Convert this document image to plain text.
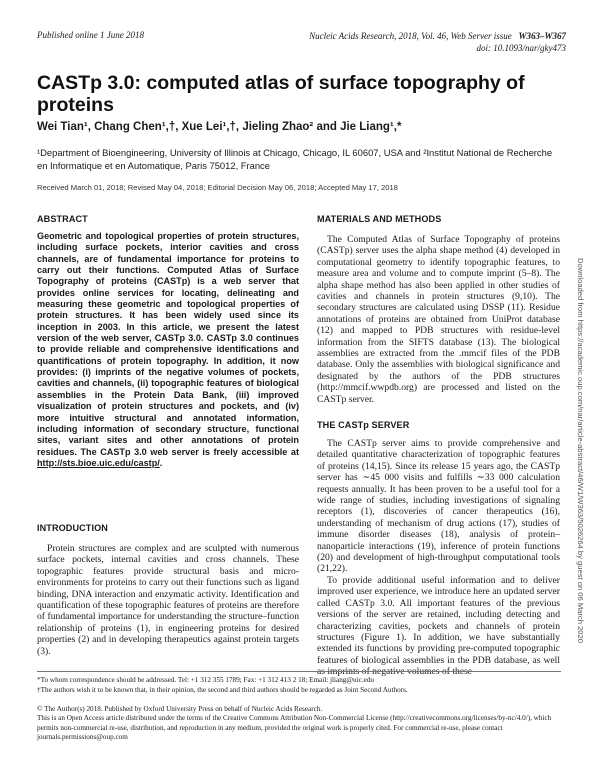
Published online 1 June 2018	Nucleic Acids Research, 2018, Vol. 46, Web Server issue W363–W367
doi: 10.1093/nar/gky473
CASTp 3.0: computed atlas of surface topography of proteins
Wei Tian¹, Chang Chen¹,†, Xue Lei¹,†, Jieling Zhao² and Jie Liang¹,*
¹Department of Bioengineering, University of Illinois at Chicago, Chicago, IL 60607, USA and ²Institut National de Recherche en Informatique et en Automatique, Paris 75012, France
Received March 01, 2018; Revised May 04, 2018; Editorial Decision May 06, 2018; Accepted May 17, 2018
ABSTRACT
Geometric and topological properties of protein structures, including surface pockets, interior cavities and cross channels, are of fundamental importance for proteins to carry out their functions. Computed Atlas of Surface Topography of proteins (CASTp) is a web server that provides online services for locating, delineating and measuring these geometric and topological properties of protein structures. It has been widely used since its inception in 2003. In this article, we present the latest version of the web server, CASTp 3.0. CASTp 3.0 continues to provide reliable and comprehensive identifications and quantifications of protein topography. In addition, it now provides: (i) imprints of the negative volumes of pockets, cavities and channels, (ii) topographic features of biological assemblies in the Protein Data Bank, (iii) improved visualization of protein structures and pockets, and (iv) more intuitive structural and annotated information, including information of secondary structure, functional sites, variant sites and other annotations of protein residues. The CASTp 3.0 web server is freely accessible at http://sts.bioe.uic.edu/castp/.
INTRODUCTION

Protein structures are complex and are sculpted with numerous surface pockets, internal cavities and cross channels. These topographic features provide structural basis and micro-environments for proteins to carry out their functions such as ligand binding, DNA interaction and enzymatic activity. Identification and quantification of these topographic features of proteins are therefore of fundamental importance for understanding the structure–function relationship of proteins (1), in engineering proteins for desired properties (2) and in developing therapeutics against protein targets (3).

MATERIALS AND METHODS

The Computed Atlas of Surface Topography of proteins (CASTp) server uses the alpha shape method (4) developed in computational geometry to identify topographic features, to measure area and volume and to compute imprint (5–8). The alpha shape method has also been applied in other studies of cavities and channels in protein structures (9,10). The secondary structures are calculated using DSSP (11). Residue annotations of proteins are obtained from UniProt database (12) and mapped to PDB structures with residue-level information from the SIFTS database (13). The biological assemblies are extracted from the .mmcif files of the PDB database. Only the assemblies with biological significance and designated by the authors of the PDB structures (http://mmcif.wwpdb.org) are processed and listed on the CASTp server.

THE CASTp SERVER

The CASTp server aims to provide comprehensive and detailed quantitative characterization of topographic features of proteins (14,15). Since its release 15 years ago, the CASTp server has ∼45 000 visits and fulfills ∼33 000 calculation requests annually. It has been proven to be a useful tool for a wide range of studies, including investigations of signaling receptors (1), discoveries of cancer therapeutics (16), understanding of mechanism of drug actions (17), studies of immune disorder diseases (18), analysis of protein–nanoparticle interactions (19), inference of protein functions (20) and development of high-throughput computational tools (21,22).

To provide additional useful information and to deliver improved user experience, we introduce here an updated server called CASTp 3.0. All important features of the previous versions of the server are retained, including detecting and characterizing cavities, pockets and channels of protein structures (Figure 1). In addition, we have substantially extended its functions by providing pre-computed topographic features of biological assemblies in the PDB database, as well as imprints of negative volumes of these

*To whom correspondence should be addressed. Tel: +1 312 355 1789; Fax: +1 312 413 2 18; Email: jliang@uic.edu
†The authors wish it to be known that, in their opinion, the second and third authors should be regarded as Joint Second Authors.
© The Author(s) 2018. Published by Oxford University Press on behalf of Nucleic Acids Research.
This is an Open Access article distributed under the terms of the Creative Commons Attribution Non-Commercial License (http://creativecommons.org/licenses/by-nc/4.0/), which permits non-commercial re-use, distribution, and reproduction in any medium, provided the original work is properly cited. For commercial re-use, please contact journals.permissions@oup.com
Downloaded from https://academic.oup.com/nar/article-abstract/46/W1/W363/5026264 by guest on 06 March 2020
